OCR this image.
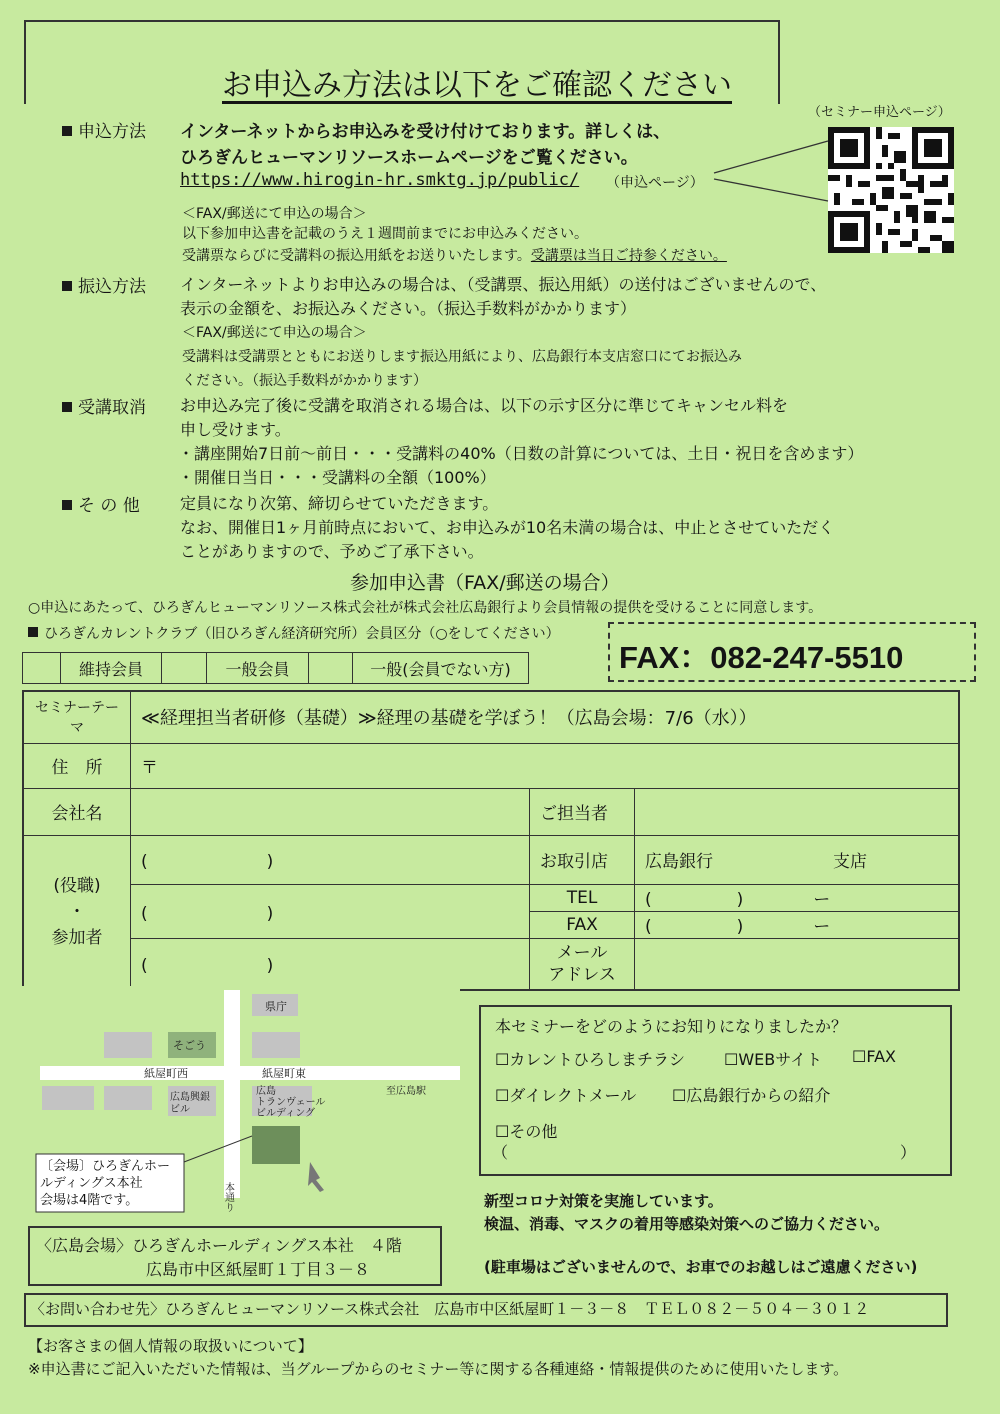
お申込み方法は以下をご確認ください
（セミナー申込ページ）
申込方法 インターネットからお申込みを受け付けております。詳しくは、
ひろぎんヒューマンリソースホームページをご覧ください。
https://www.hirogin-hr.smktg.jp/public/ （申込ページ）
＜FAX/郵送にて申込の場合＞
以下参加申込書を記載のうえ１週間前までにお申込みください。
受講票ならびに受講料の振込用紙をお送りいたします。受講票は当日ご持参ください。
振込方法 インターネットよりお申込みの場合は、（受講票、振込用紙）の送付はございませんので、
表示の金額を、お振込みください。（振込手数料がかかります）
＜FAX/郵送にて申込の場合＞
受講料は受講票とともにお送りします振込用紙により、広島銀行本支店窓口にてお振込み
ください。（振込手数料がかかります）
受講取消 お申込み完了後に受講を取消される場合は、以下の示す区分に準じてキャンセル料を
申し受けます。
・講座開始7日前～前日・・・受講料の40%（日数の計算については、土日・祝日を含めます）
・開催日当日・・・受講料の全額（100%）
そ の 他	定員になり次第、締切らせていただきます。
なお、開催日1ヶ月前時点において、お申込みが10名未満の場合は、中止とさせていただく
ことがありますので、予めご了承下さい。
参加申込書（FAX/郵送の場合）
○申込にあたって、ひろぎんヒューマンリソース株式会社が株式会社広島銀行より会員情報の提供を受けることに同意します。
ひろぎんカレントクラブ（旧ひろぎん経済研究所）会員区分（○をしてください）
FAX：082-247-5510
	維持会員		一般会員		一般(会員でない方)
セミナーテーマ	≪経理担当者研修（基礎）≫経理の基礎を学ぼう！（広島会場：7/6（水））		
住　所	〒		
会社名		ご担当者	
(役職)
・
参加者	(　　　　　　　)	お取引店	広島銀行 支店
	(　　　　　　　)	TEL	(　　　　　) ー
		FAX	(　　　　　) ー
	(　　　　　　　)	メール
アドレス	
県庁
そごう
紙屋町西	紙屋町東
広島興銀
ビル
広島
トランヴェール
ビルディング
至広島駅
本通り
〔会場〕ひろぎんホー
ルディングス本社
会場は4階です。
本セミナーをどのようにお知りになりましたか？
☐カレントひろしまチラシ ☐WEBサイト ☐FAX
☐ダイレクトメール ☐広島銀行からの紹介
☐その他
（	）
新型コロナ対策を実施しています。
検温、消毒、マスクの着用等感染対策へのご協力ください。
(駐車場はございませんので、お車でのお越しはご遠慮ください)
〈広島会場〉ひろぎんホールディングス本社　４階
広島市中区紙屋町１丁目３－８
〈お問い合わせ先〉ひろぎんヒューマンリソース株式会社　広島市中区紙屋町１－３－８　ＴＥＬ０８２－５０４－３０１２
【お客さまの個人情報の取扱いについて】
※申込書にご記入いただいた情報は、当グループからのセミナー等に関する各種連絡・情報提供のために使用いたします。
